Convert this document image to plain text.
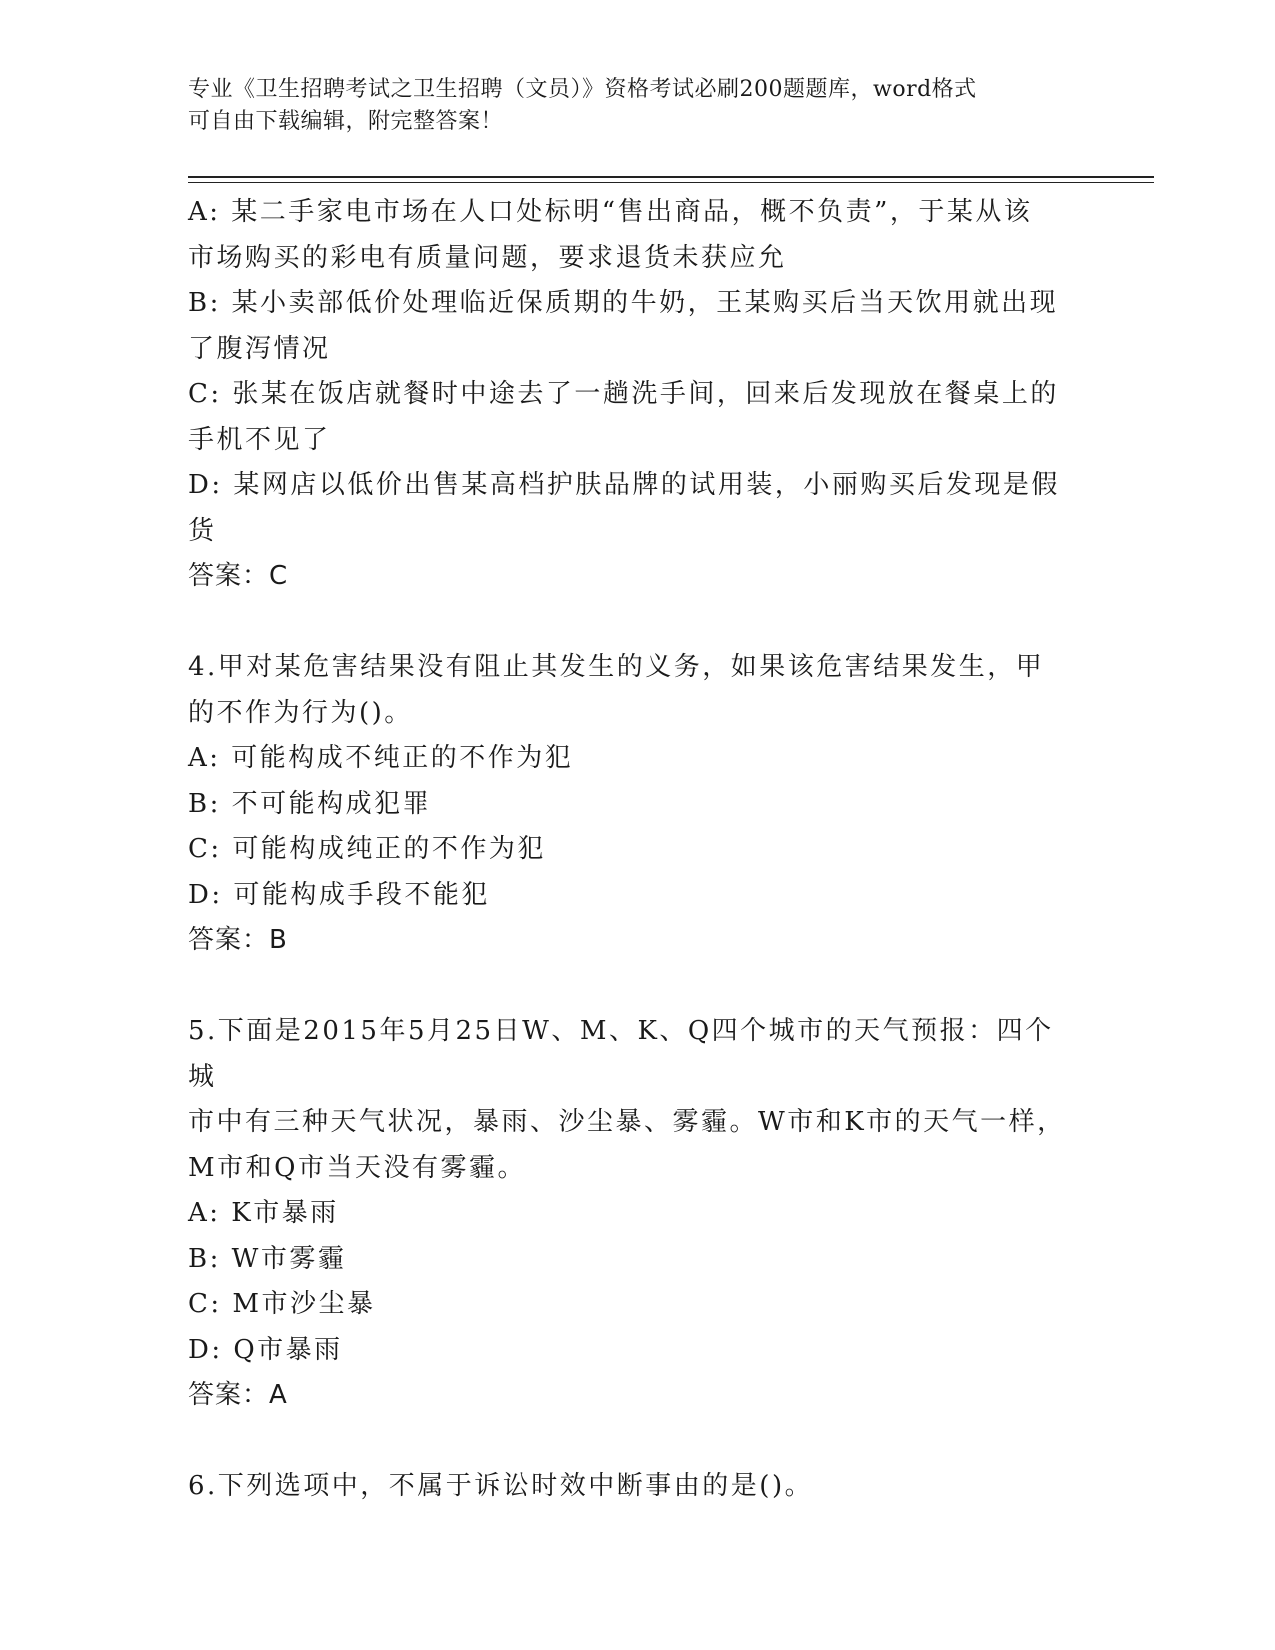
专业《卫生招聘考试之卫生招聘（文员）》资格考试必刷200题题库，word格式
可自由下载编辑，附完整答案！
A: 某二手家电市场在人口处标明“售出商品，概不负责”，于某从该
市场购买的彩电有质量问题，要求退货未获应允
B: 某小卖部低价处理临近保质期的牛奶，王某购买后当天饮用就出现
了腹泻情况
C: 张某在饭店就餐时中途去了一趟洗手间，回来后发现放在餐桌上的
手机不见了
D: 某网店以低价出售某高档护肤品牌的试用装，小丽购买后发现是假
货
答案：C
4.甲对某危害结果没有阻止其发生的义务，如果该危害结果发生，甲
的不作为行为()。
A: 可能构成不纯正的不作为犯
B: 不可能构成犯罪
C: 可能构成纯正的不作为犯
D: 可能构成手段不能犯
答案：B
5.下面是2015年5月25日W、M、K、Q四个城市的天气预报：四个城
市中有三种天气状况，暴雨、沙尘暴、雾霾。W市和K市的天气一样，
M市和Q市当天没有雾霾。
A: K市暴雨
B: W市雾霾
C: M市沙尘暴
D: Q市暴雨
答案：A
6.下列选项中，不属于诉讼时效中断事由的是()。
